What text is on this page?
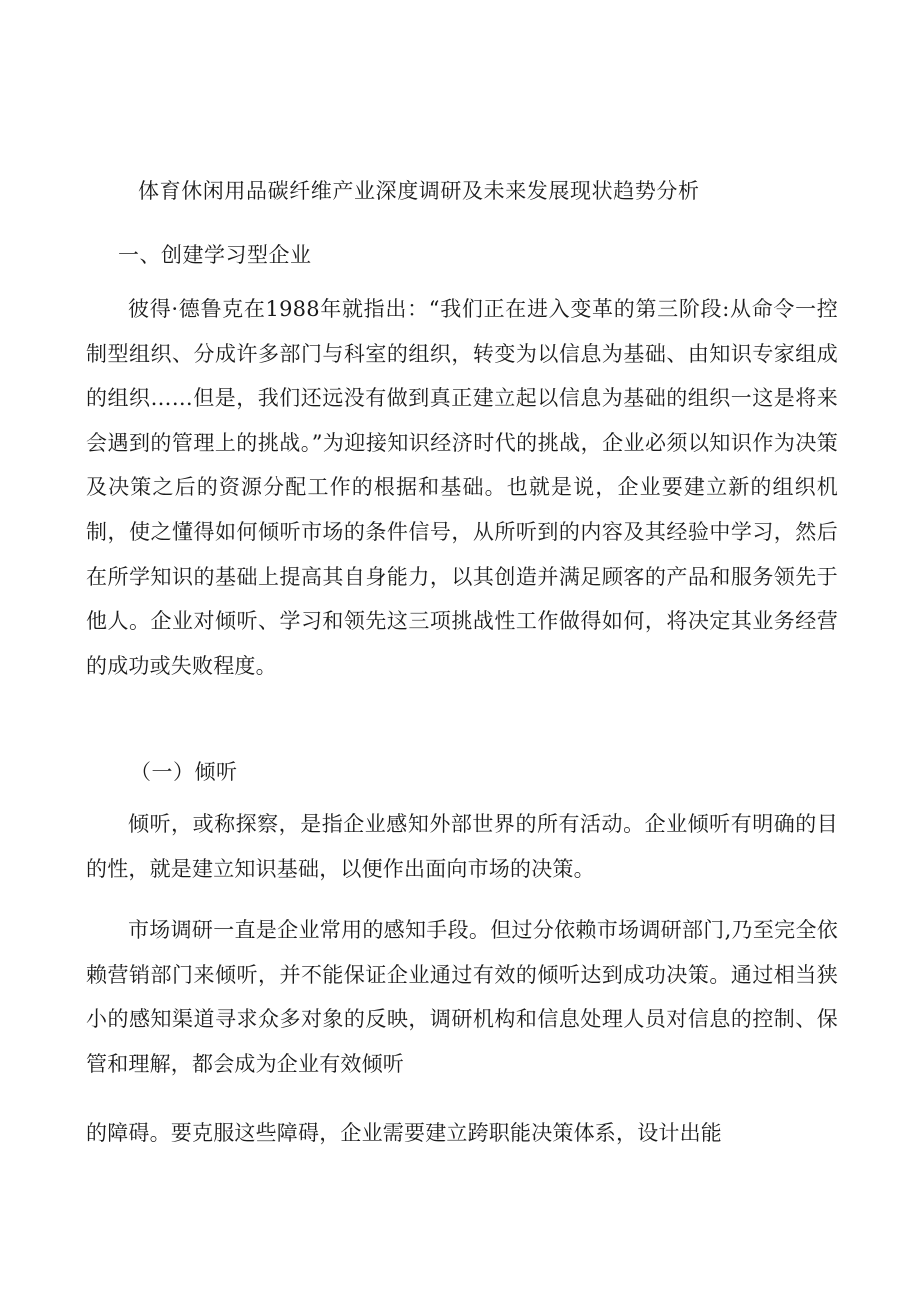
体育休闲用品碳纤维产业深度调研及未来发展现状趋势分析
一、创建学习型企业
彼得·德鲁克在1988年就指出：“我们正在进入变革的第三阶段:从命令一控制型组织、分成许多部门与科室的组织，转变为以信息为基础、由知识专家组成的组织……但是，我们还远没有做到真正建立起以信息为基础的组织一这是将来会遇到的管理上的挑战。”为迎接知识经济时代的挑战，企业必须以知识作为决策及决策之后的资源分配工作的根据和基础。也就是说，企业要建立新的组织机制，使之懂得如何倾听市场的条件信号，从所听到的内容及其经验中学习，然后在所学知识的基础上提高其自身能力，以其创造并满足顾客的产品和服务领先于他人。企业对倾听、学习和领先这三项挑战性工作做得如何，将决定其业务经营的成功或失败程度。
（一）倾听
倾听，或称探察，是指企业感知外部世界的所有活动。企业倾听有明确的目的性，就是建立知识基础，以便作出面向市场的决策。
市场调研一直是企业常用的感知手段。但过分依赖市场调研部门,乃至完全依赖营销部门来倾听，并不能保证企业通过有效的倾听达到成功决策。通过相当狭小的感知渠道寻求众多对象的反映，调研机构和信息处理人员对信息的控制、保管和理解，都会成为企业有效倾听
的障碍。要克服这些障碍，企业需要建立跨职能决策体系，设计出能
